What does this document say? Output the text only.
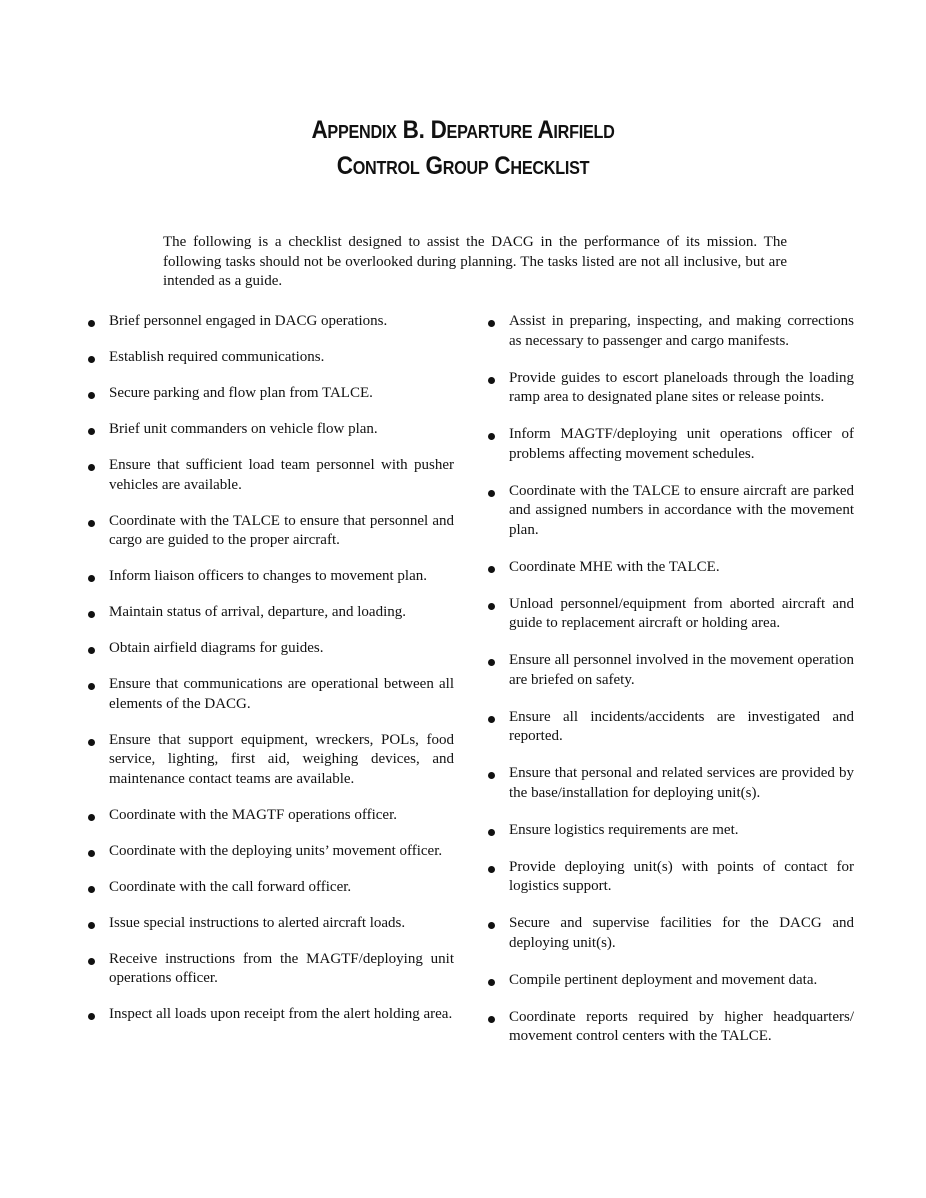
Appendix B. Departure Airfield
Control Group Checklist

The following is a checklist designed to assist the DACG in the performance of its mission. The following tasks should not be overlooked during planning. The tasks listed are not all inclusive, but are intended as a guide.

Brief personnel engaged in DACG operations.
Establish required communications.
Secure parking and flow plan from TALCE.
Brief unit commanders on vehicle flow plan.
Ensure that sufficient load team personnel with pusher vehicles are available.
Coordinate with the TALCE to ensure that personnel and cargo are guided to the proper aircraft.
Inform liaison officers to changes to movement plan.
Maintain status of arrival, departure, and loading.
Obtain airfield diagrams for guides.
Ensure that communications are operational between all elements of the DACG.
Ensure that support equipment, wreckers, POLs, food service, lighting, first aid, weighing devices, and maintenance contact teams are available.
Coordinate with the MAGTF operations officer.
Coordinate with the deploying units’ movement officer.
Coordinate with the call forward officer.
Issue special instructions to alerted aircraft loads.
Receive instructions from the MAGTF/deploying unit operations officer.
Inspect all loads upon receipt from the alert holding area.
Assist in preparing, inspecting, and making corrections as necessary to passenger and cargo manifests.
Provide guides to escort planeloads through the loading ramp area to designated plane sites or release points.
Inform MAGTF/deploying unit operations officer of problems affecting movement schedules.
Coordinate with the TALCE to ensure aircraft are parked and assigned numbers in accordance with the movement plan.
Coordinate MHE with the TALCE.
Unload personnel/equipment from aborted aircraft and guide to replacement aircraft or holding area.
Ensure all personnel involved in the movement operation are briefed on safety.
Ensure all incidents/accidents are investigated and reported.
Ensure that personal and related services are provided by the base/installation for deploying unit(s).
Ensure logistics requirements are met.
Provide deploying unit(s) with points of contact for logistics support.
Secure and supervise facilities for the DACG and deploying unit(s).
Compile pertinent deployment and movement data.
Coordinate reports required by higher headquarters/ movement control centers with the TALCE.
